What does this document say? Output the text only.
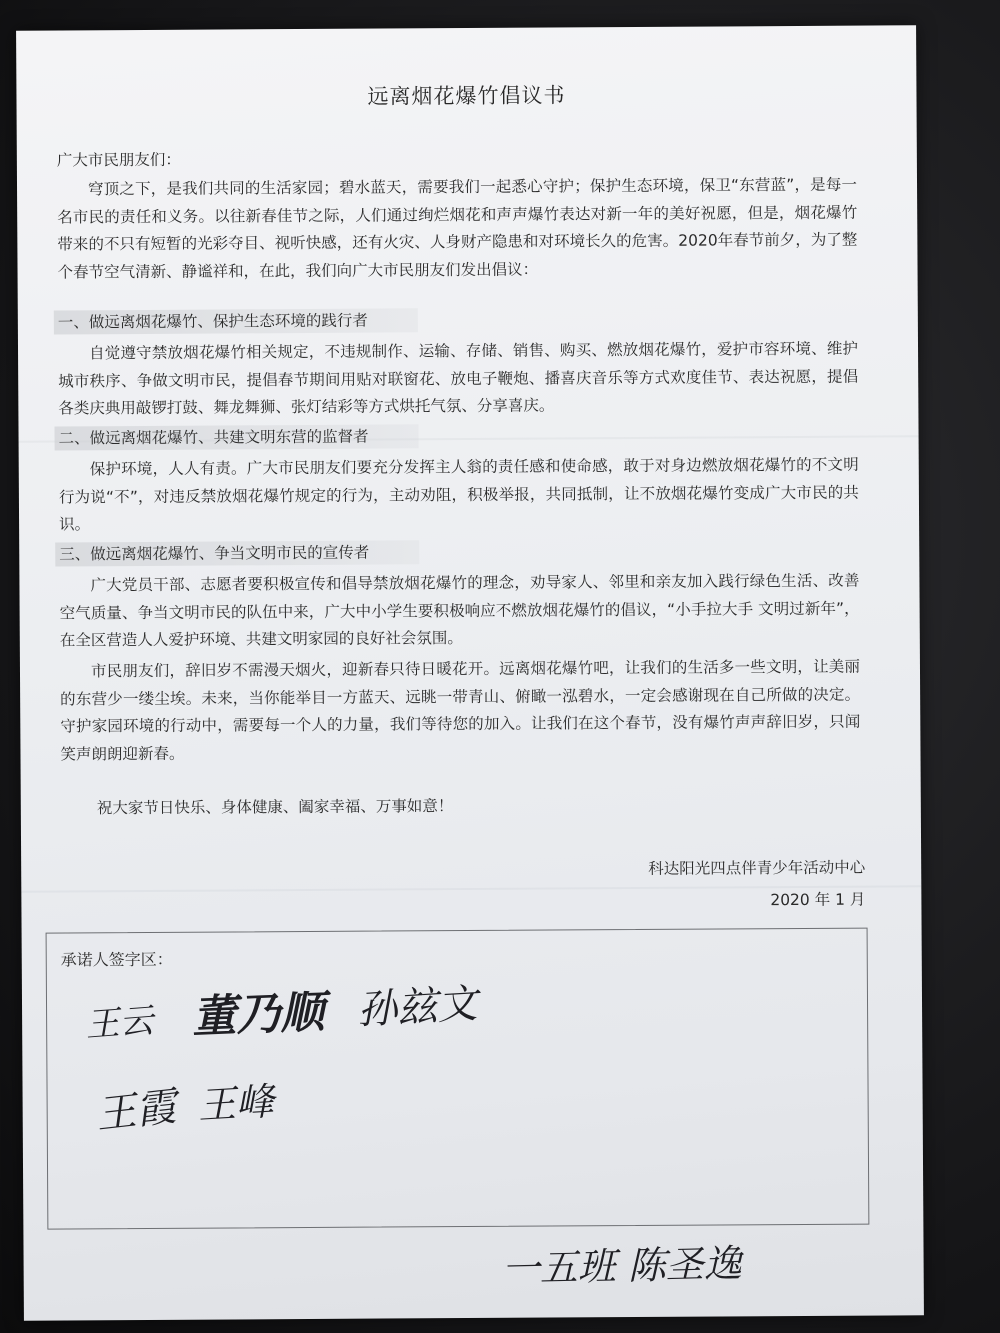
远离烟花爆竹倡议书
广大市民朋友们：
穹顶之下，是我们共同的生活家园；碧水蓝天，需要我们一起悉心守护；保护生态环境，保卫“东营蓝”，是每一名市民的责任和义务。以往新春佳节之际，人们通过绚烂烟花和声声爆竹表达对新一年的美好祝愿，但是，烟花爆竹带来的不只有短暂的光彩夺目、视听快感，还有火灾、人身财产隐患和对环境长久的危害。2020年春节前夕，为了整个春节空气清新、静谧祥和，在此，我们向广大市民朋友们发出倡议：
一、做远离烟花爆竹、保护生态环境的践行者
自觉遵守禁放烟花爆竹相关规定，不违规制作、运输、存储、销售、购买、燃放烟花爆竹，爱护市容环境、维护城市秩序、争做文明市民，提倡春节期间用贴对联窗花、放电子鞭炮、播喜庆音乐等方式欢度佳节、表达祝愿，提倡各类庆典用敲锣打鼓、舞龙舞狮、张灯结彩等方式烘托气氛、分享喜庆。
二、做远离烟花爆竹、共建文明东营的监督者
保护环境，人人有责。广大市民朋友们要充分发挥主人翁的责任感和使命感，敢于对身边燃放烟花爆竹的不文明行为说“不”，对违反禁放烟花爆竹规定的行为，主动劝阻，积极举报，共同抵制，让不放烟花爆竹变成广大市民的共识。
三、做远离烟花爆竹、争当文明市民的宣传者
广大党员干部、志愿者要积极宣传和倡导禁放烟花爆竹的理念，劝导家人、邻里和亲友加入践行绿色生活、改善空气质量、争当文明市民的队伍中来，广大中小学生要积极响应不燃放烟花爆竹的倡议，“小手拉大手 文明过新年”，在全区营造人人爱护环境、共建文明家园的良好社会氛围。
市民朋友们，辞旧岁不需漫天烟火，迎新春只待日暖花开。远离烟花爆竹吧，让我们的生活多一些文明，让美丽的东营少一缕尘埃。未来，当你能举目一方蓝天、远眺一带青山、俯瞰一泓碧水，一定会感谢现在自己所做的决定。守护家园环境的行动中，需要每一个人的力量，我们等待您的加入。让我们在这个春节，没有爆竹声声辞旧岁，只闻笑声朗朗迎新春。
祝大家节日快乐、身体健康、阖家幸福、万事如意！
科达阳光四点伴青少年活动中心
2020 年 1 月
承诺人签字区：
王云 董乃顺 孙玆文
王霞 王峰
一五班 陈圣逸
